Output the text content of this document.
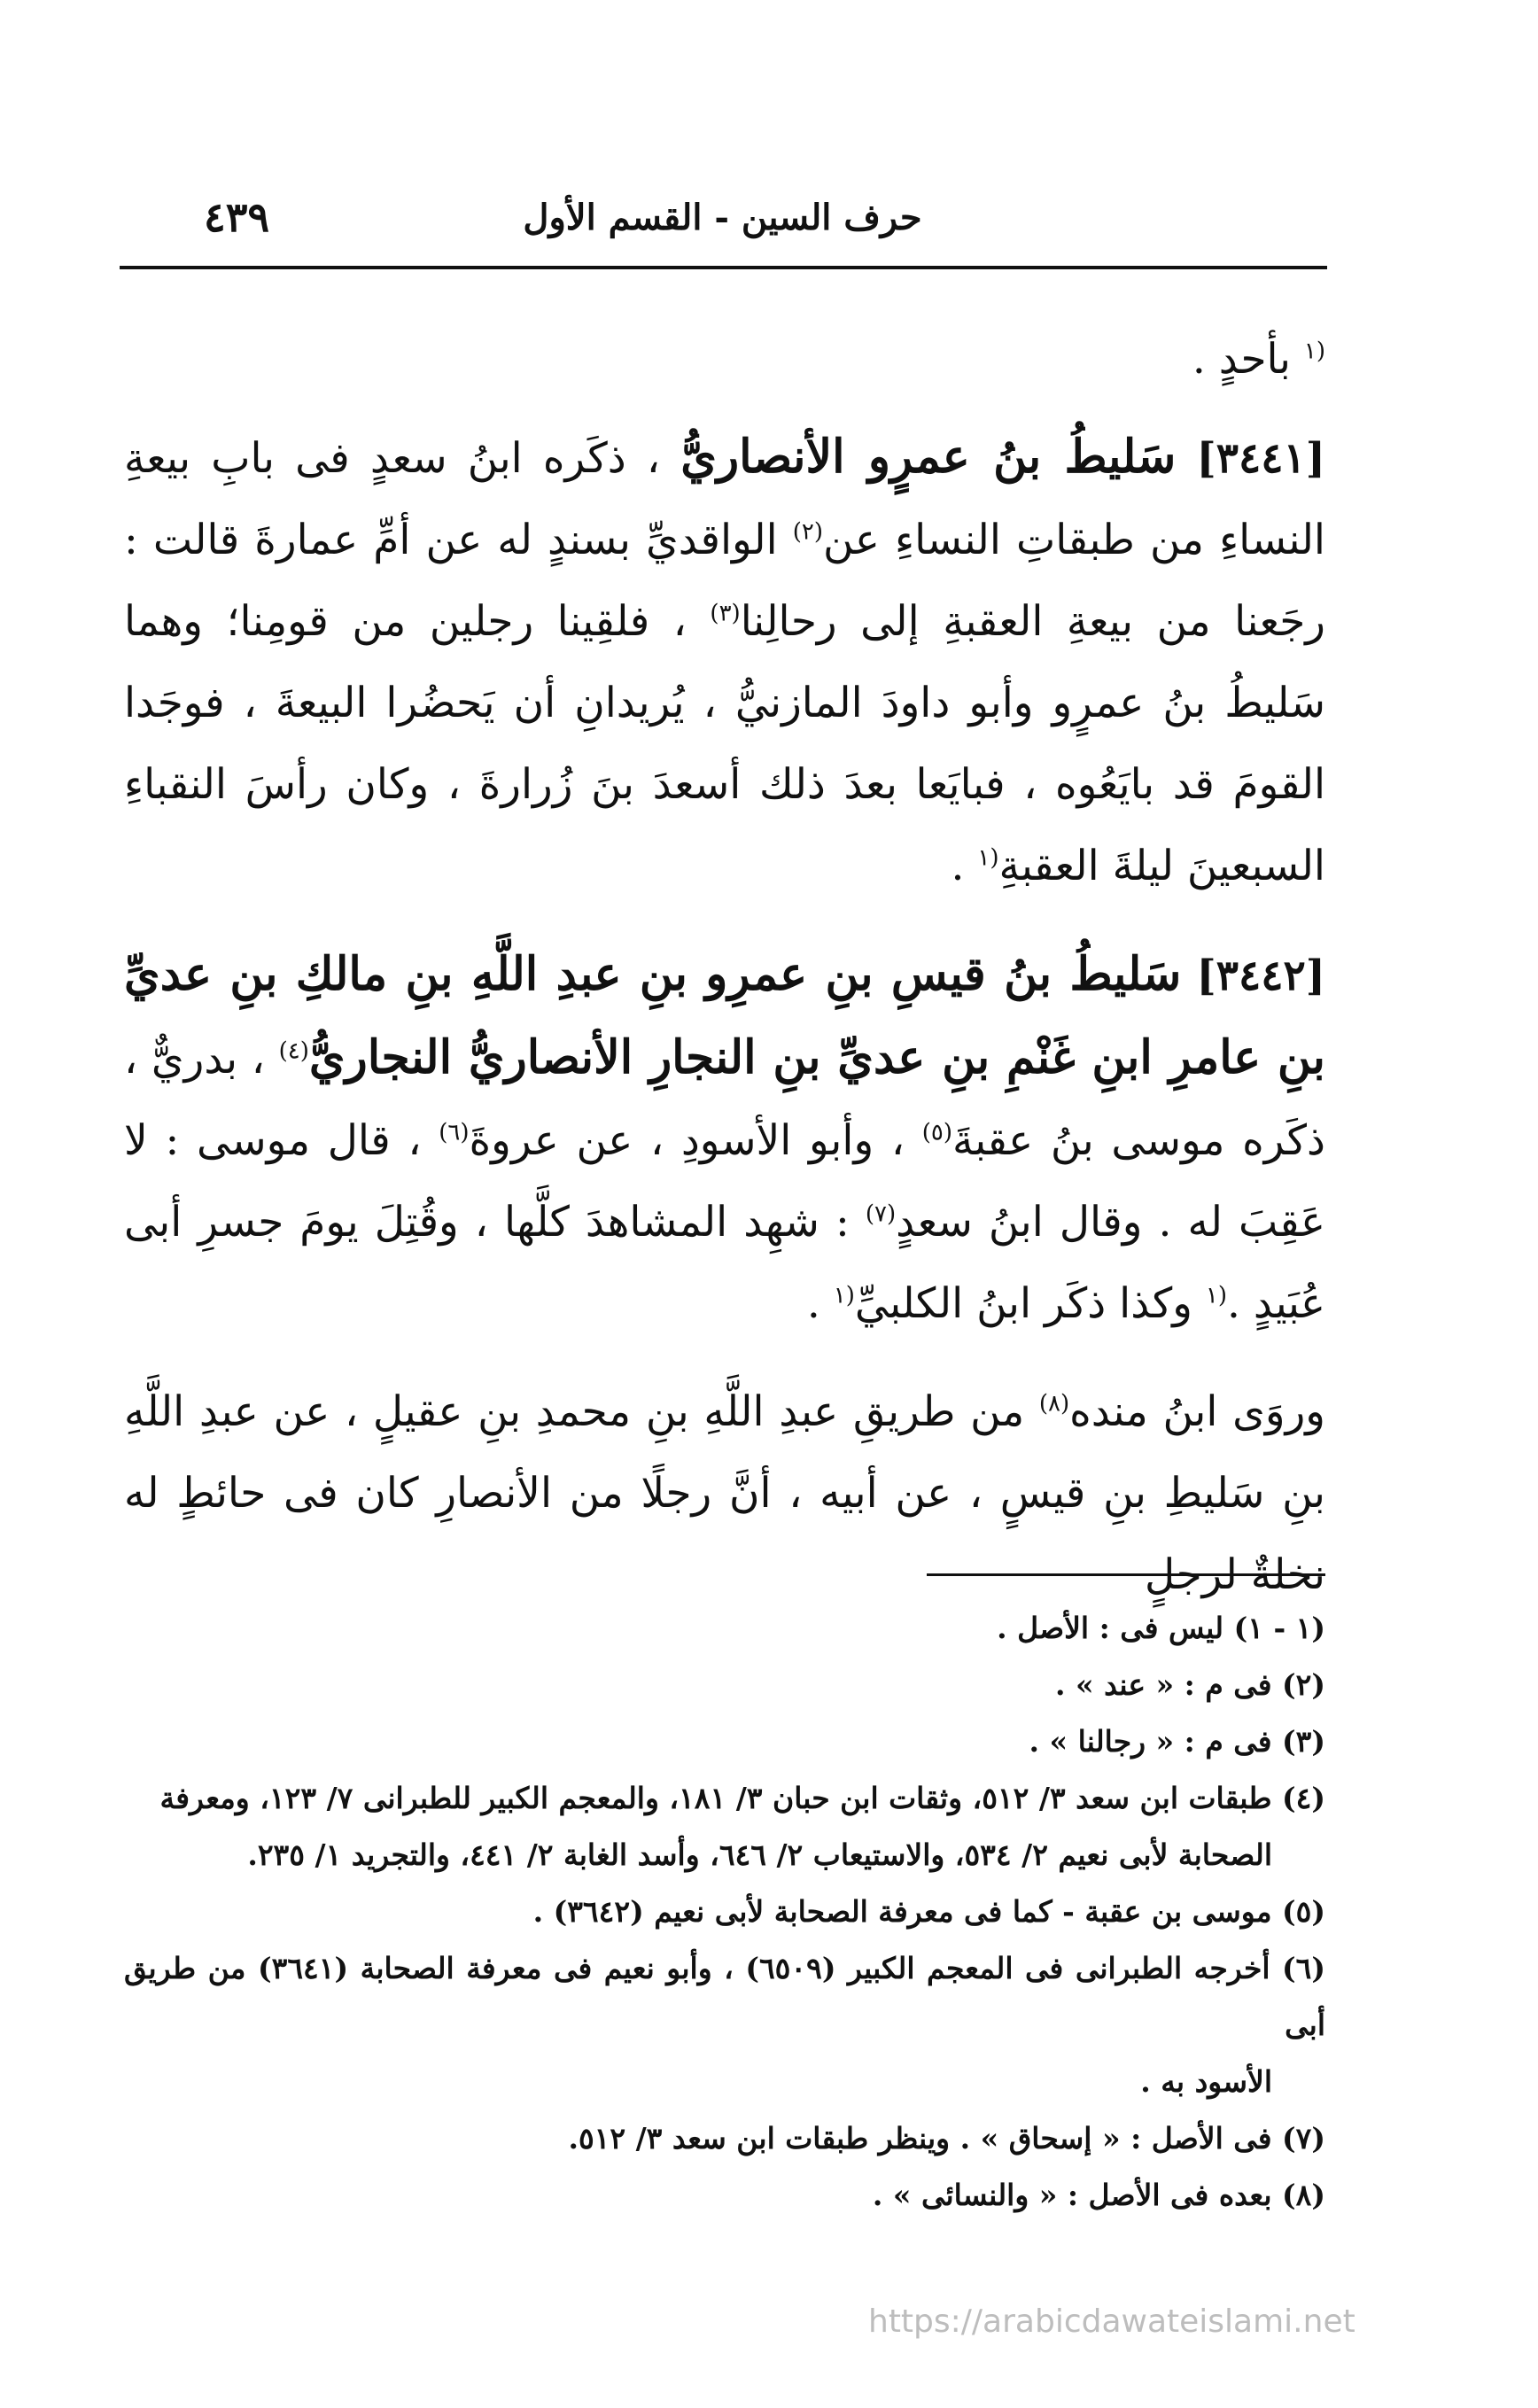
حرف السين - القسم الأول
٤٣٩

$^{(١}$ بأحدٍ .

[٣٤٤١] سَليطُ بنُ عمرٍو الأنصاريُّ ، ذكَره ابنُ سعدٍ فى بابِ بيعةِ النساءِ من طبقاتِ النساءِ عن$^{(٢)}$ الواقديِّ بسندٍ له عن أمِّ عمارةَ قالت : رجَعنا من بيعةِ العقبةِ إلى رحالِنا$^{(٣)}$ ، فلقِينا رجلين من قومِنا؛ وهما سَليطُ بنُ عمرٍو وأبو داودَ المازنيُّ ، يُريدانِ أن يَحضُرا البيعةَ ، فوجَدا القومَ قد بايَعُوه ، فبايَعا بعدَ ذلك أسعدَ بنَ زُرارةَ ، وكان رأسَ النقباءِ السبعينَ ليلةَ العقبةِ$^{(١}$ .

[٣٤٤٢] سَليطُ بنُ قيسِ بنِ عمرِو بنِ عبدِ اللَّهِ بنِ مالكِ بنِ عديِّ بنِ عامرِ ابنِ غَنْمِ بنِ عديِّ بنِ النجارِ الأنصاريُّ النجاريُّ$^{(٤)}$ ، بدريٌّ ، ذكَره موسى بنُ عقبةَ$^{(٥)}$ ، وأبو الأسودِ ، عن عروةَ$^{(٦)}$ ، قال موسى : لا عَقِبَ له . وقال ابنُ سعدٍ$^{(٧)}$ : شهِد المشاهدَ كلَّها ، وقُتِلَ يومَ جسرِ أبى عُبَيدٍ .$^{(١}$ وكذا ذكَر ابنُ الكلبيِّ$^{(١}$ .

وروَى ابنُ منده$^{(٨)}$ من طريقِ عبدِ اللَّهِ بنِ محمدِ بنِ عقيلٍ ، عن عبدِ اللَّهِ بنِ سَليطِ بنِ قيسٍ ، عن أبيه ، أنَّ رجلًا من الأنصارِ كان فى حائطٍ له نخلةٌ لرجلٍ

(١ - ١) ليس فى : الأصل .

(٢) فى م : « عند » .

(٣) فى م : « رجالنا » .

(٤) طبقات ابن سعد ٣/ ٥١٢، وثقات ابن حبان ٣/ ١٨١، والمعجم الكبير للطبرانى ٧/ ١٢٣، ومعرفة

الصحابة لأبى نعيم ٢/ ٥٣٤، والاستيعاب ٢/ ٦٤٦، وأسد الغابة ٢/ ٤٤١، والتجريد ١/ ٢٣٥.

(٥) موسى بن عقبة - كما فى معرفة الصحابة لأبى نعيم (٣٦٤٢) .

(٦) أخرجه الطبرانى فى المعجم الكبير (٦٥٠٩) ، وأبو نعيم فى معرفة الصحابة (٣٦٤١) من طريق أبى

الأسود به .

(٧) فى الأصل : « إسحاق » . وينظر طبقات ابن سعد ٣/ ٥١٢.

(٨) بعده فى الأصل : « والنسائى » .

https://arabicdawateislami.net
